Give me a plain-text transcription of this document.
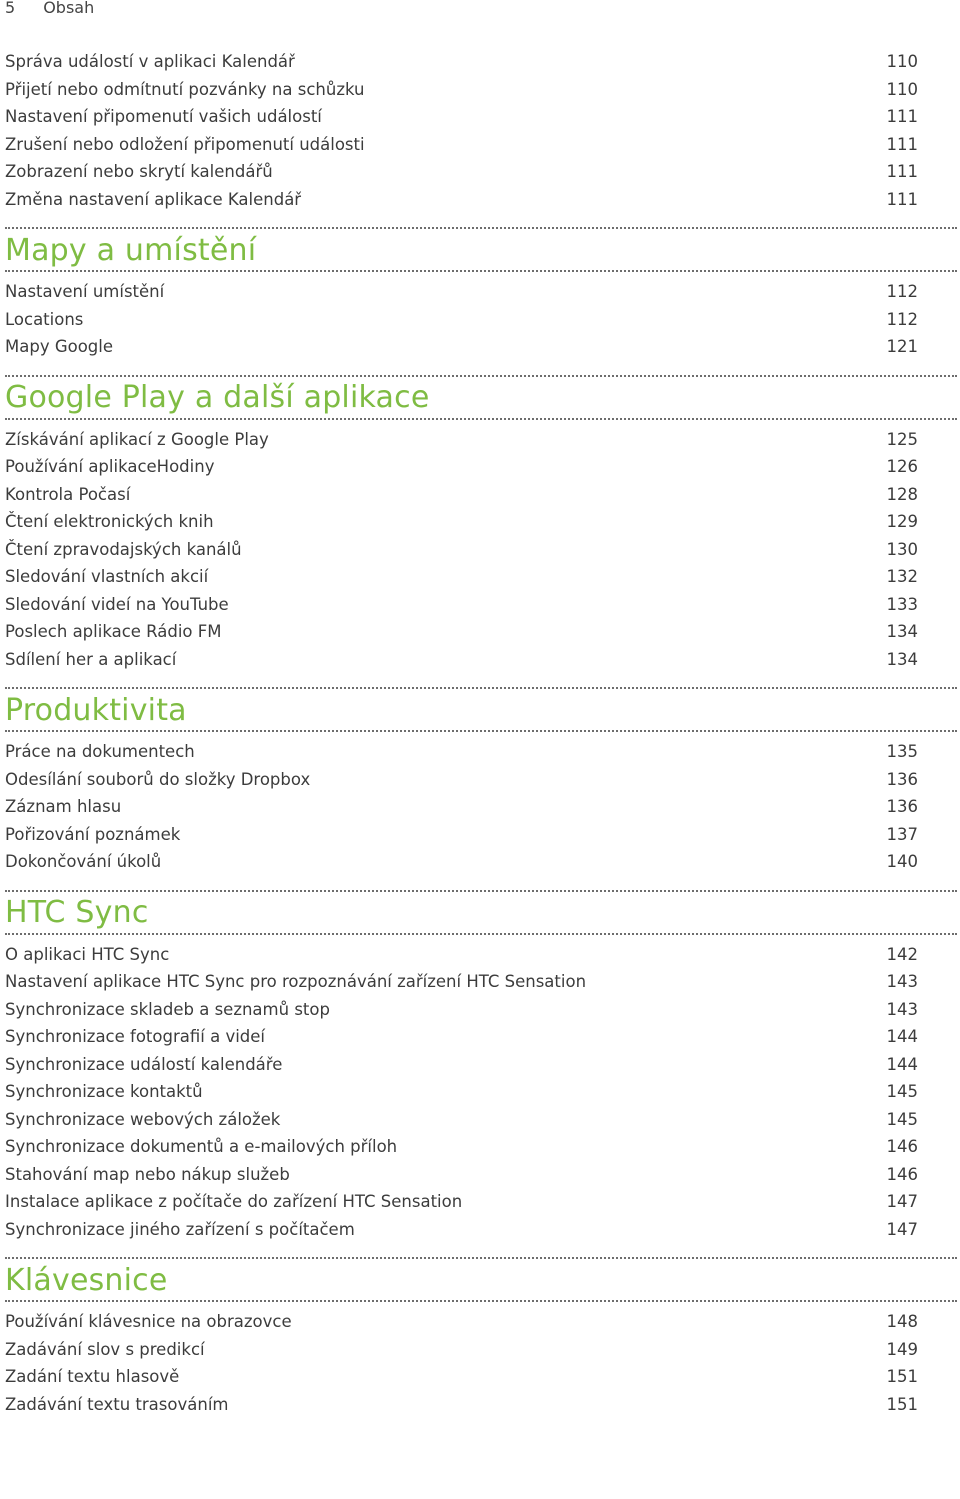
5 Obsah
Správa událostí v aplikaci Kalendář	110
Přijetí nebo odmítnutí pozvánky na schůzku	110
Nastavení připomenutí vašich událostí	111
Zrušení nebo odložení připomenutí události	111
Zobrazení nebo skrytí kalendářů	111
Změna nastavení aplikace Kalendář	111
Mapy a umístění
Nastavení umístění	112
Locations	112
Mapy Google	121
Google Play a další aplikace
Získávání aplikací z Google Play	125
Používání aplikaceHodiny	126
Kontrola Počasí	128
Čtení elektronických knih	129
Čtení zpravodajských kanálů	130
Sledování vlastních akcií	132
Sledování videí na YouTube	133
Poslech aplikace Rádio FM	134
Sdílení her a aplikací	134
Produktivita
Práce na dokumentech	135
Odesílání souborů do složky Dropbox	136
Záznam hlasu	136
Pořizování poznámek	137
Dokončování úkolů	140
HTC Sync
O aplikaci HTC Sync	142
Nastavení aplikace HTC Sync pro rozpoznávání zařízení HTC Sensation	143
Synchronizace skladeb a seznamů stop	143
Synchronizace fotografií a videí	144
Synchronizace událostí kalendáře	144
Synchronizace kontaktů	145
Synchronizace webových záložek	145
Synchronizace dokumentů a e-mailových příloh	146
Stahování map nebo nákup služeb	146
Instalace aplikace z počítače do zařízení HTC Sensation	147
Synchronizace jiného zařízení s počítačem	147
Klávesnice
Používání klávesnice na obrazovce	148
Zadávání slov s predikcí	149
Zadání textu hlasově	151
Zadávání textu trasováním	151
